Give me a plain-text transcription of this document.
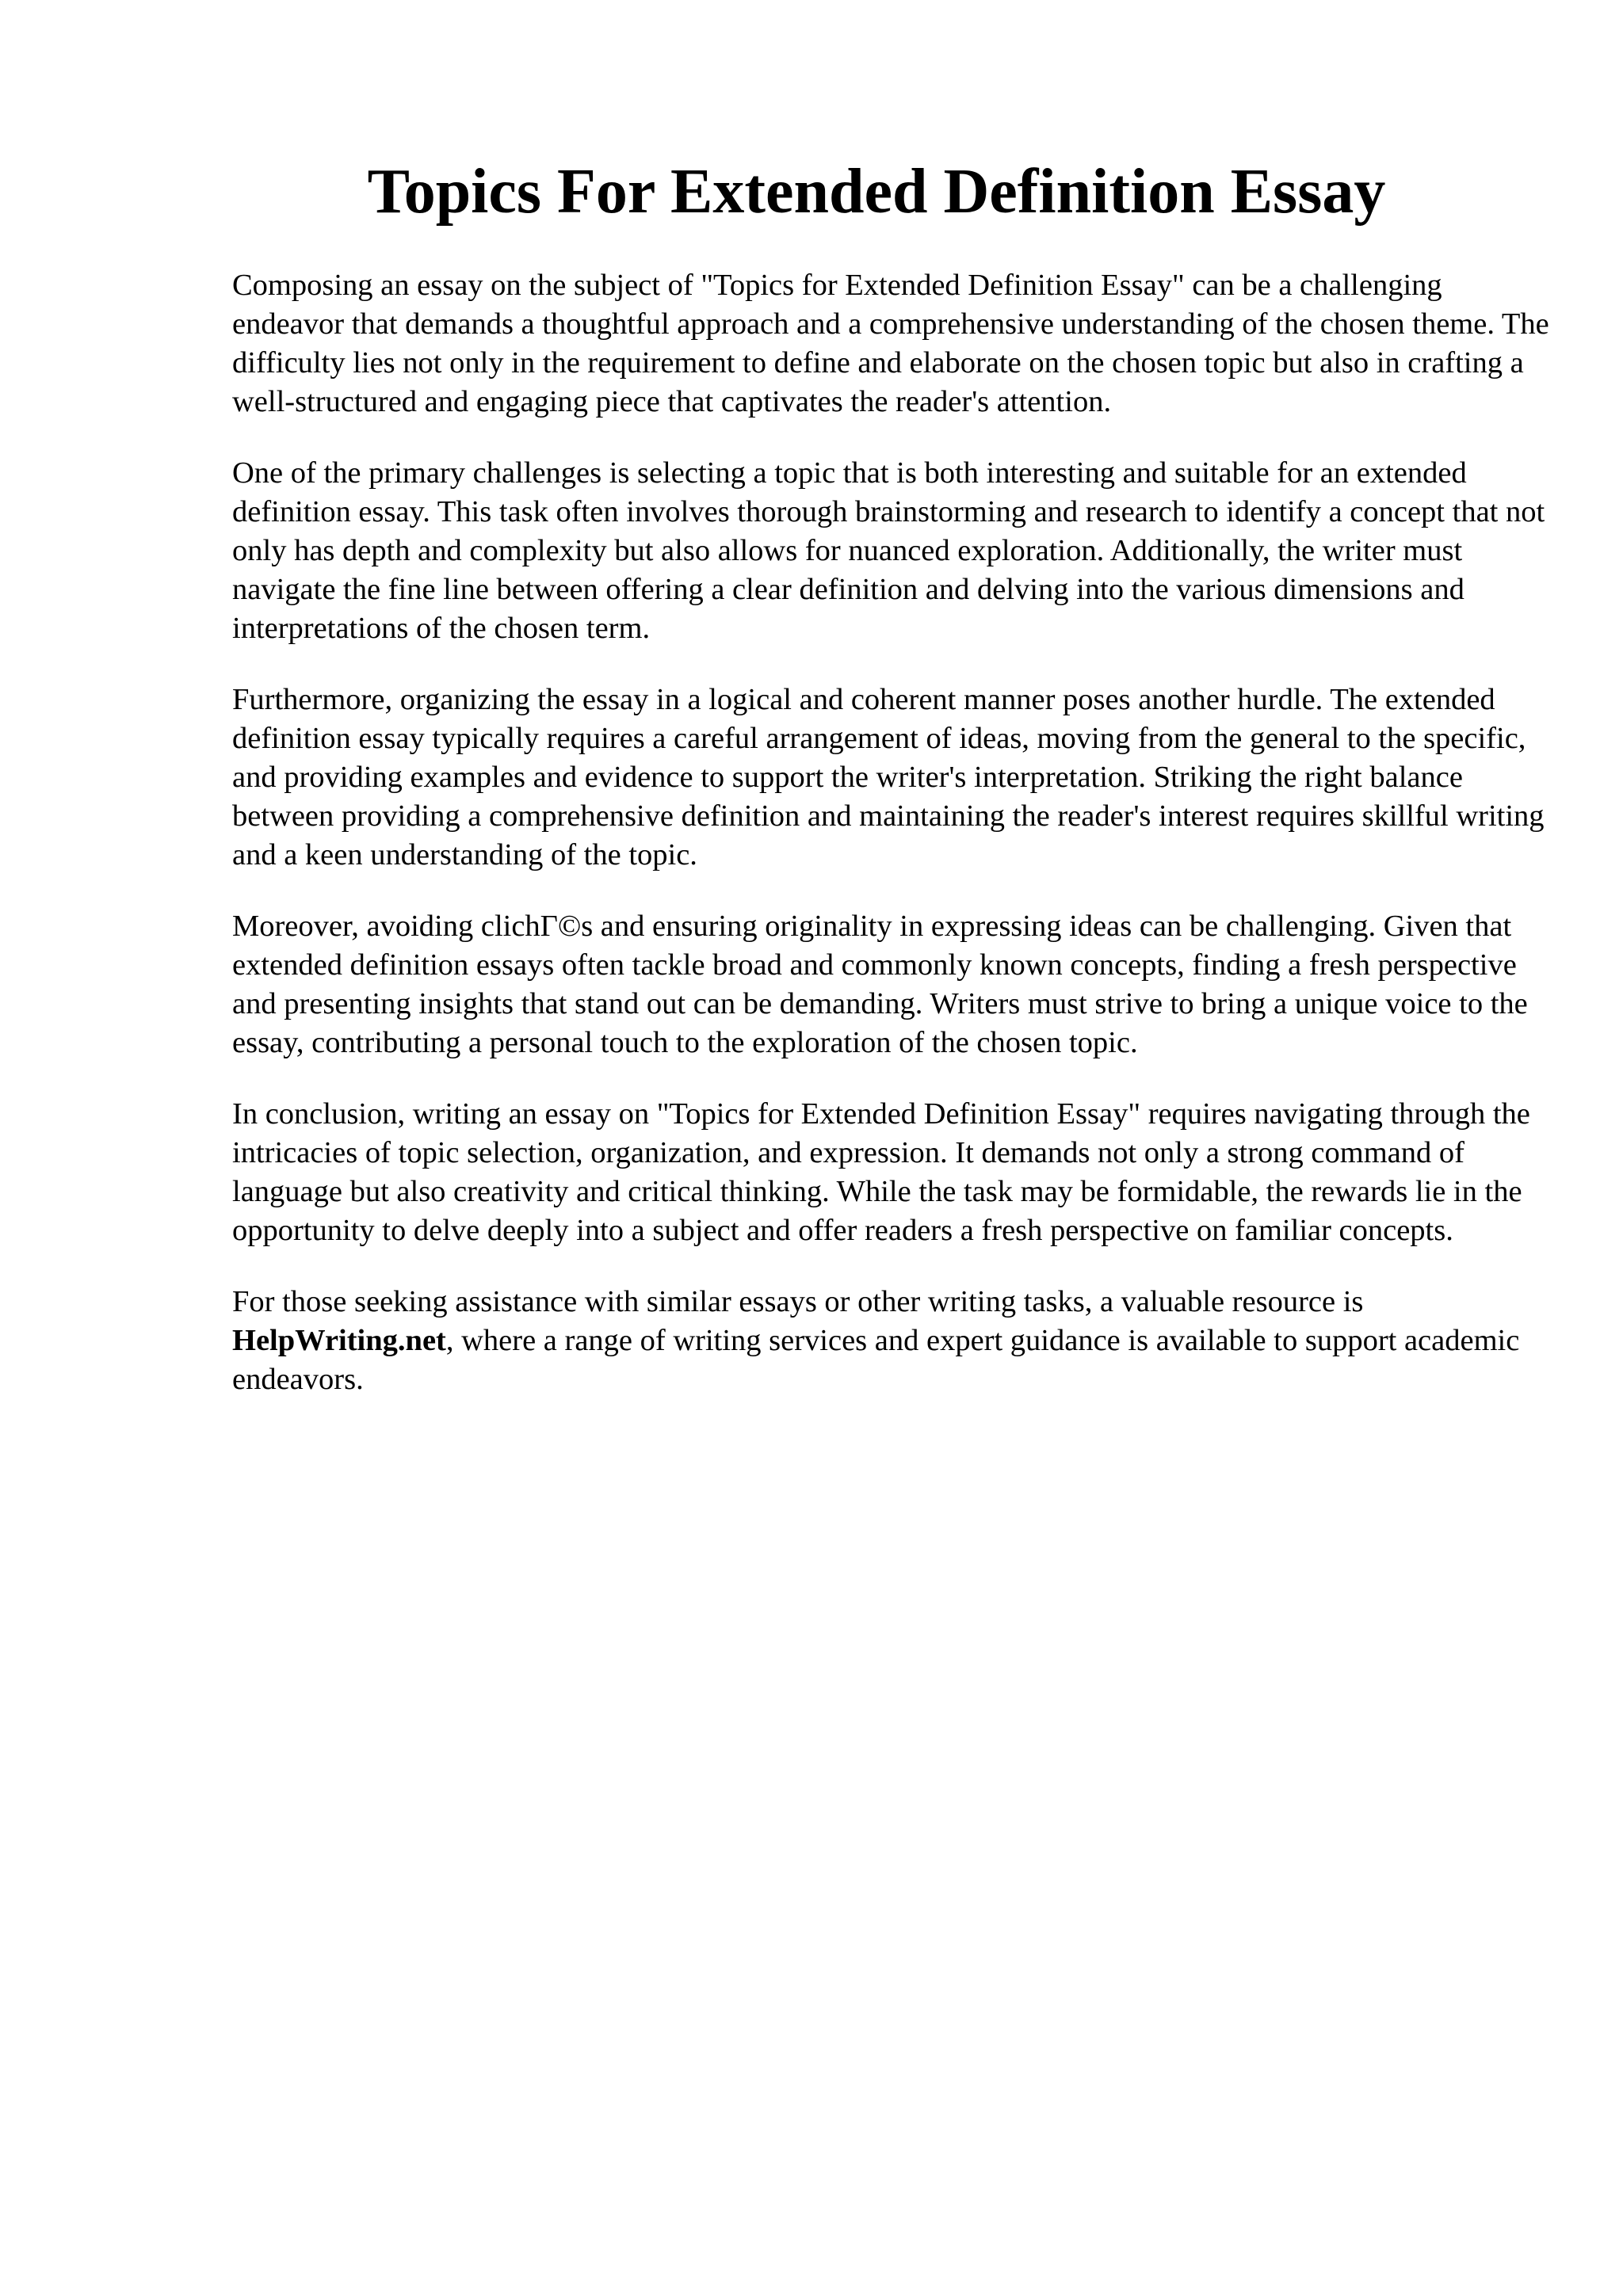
Topics For Extended Definition Essay

Composing an essay on the subject of "Topics for Extended Definition Essay" can be a challenging endeavor that demands a thoughtful approach and a comprehensive understanding of the chosen theme. The difficulty lies not only in the requirement to define and elaborate on the chosen topic but also in crafting a well-structured and engaging piece that captivates the reader's attention.

One of the primary challenges is selecting a topic that is both interesting and suitable for an extended definition essay. This task often involves thorough brainstorming and research to identify a concept that not only has depth and complexity but also allows for nuanced exploration. Additionally, the writer must navigate the fine line between offering a clear definition and delving into the various dimensions and interpretations of the chosen term.

Furthermore, organizing the essay in a logical and coherent manner poses another hurdle. The extended definition essay typically requires a careful arrangement of ideas, moving from the general to the specific, and providing examples and evidence to support the writer's interpretation. Striking the right balance between providing a comprehensive definition and maintaining the reader's interest requires skillful writing and a keen understanding of the topic.

Moreover, avoiding clichΓ©s and ensuring originality in expressing ideas can be challenging. Given that extended definition essays often tackle broad and commonly known concepts, finding a fresh perspective and presenting insights that stand out can be demanding. Writers must strive to bring a unique voice to the essay, contributing a personal touch to the exploration of the chosen topic.

In conclusion, writing an essay on "Topics for Extended Definition Essay" requires navigating through the intricacies of topic selection, organization, and expression. It demands not only a strong command of language but also creativity and critical thinking. While the task may be formidable, the rewards lie in the opportunity to delve deeply into a subject and offer readers a fresh perspective on familiar concepts.

For those seeking assistance with similar essays or other writing tasks, a valuable resource is HelpWriting.net, where a range of writing services and expert guidance is available to support academic endeavors.
